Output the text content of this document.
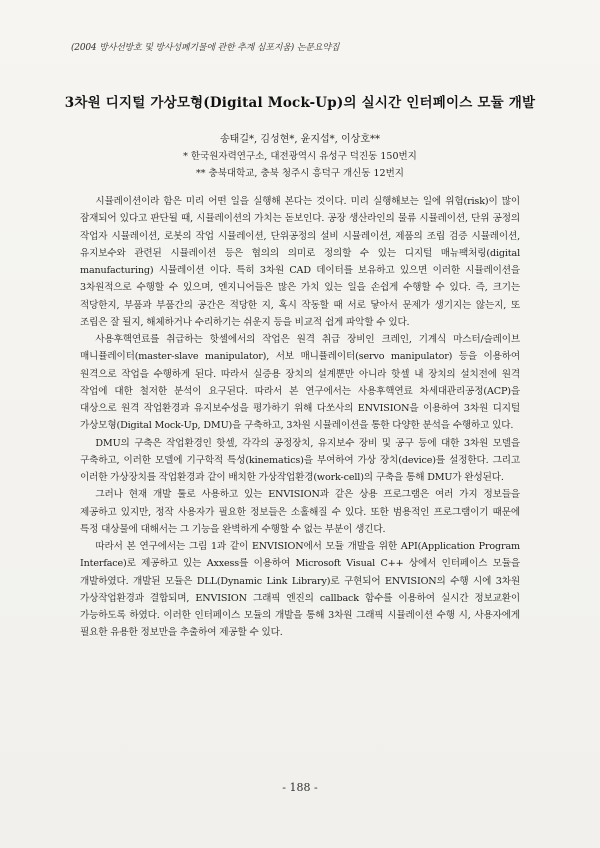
(2004 방사선방호 및 방사성폐기물에 관한 추계 심포지움) 논문요약집
3차원 디지털 가상모형(Digital Mock-Up)의 실시간 인터페이스 모듈 개발
송태길*, 김성현*, 윤지섭*, 이상호**
* 한국원자력연구소, 대전광역시 유성구 덕진동 150번지
** 충북대학교, 충북 청주시 흥덕구 개신동 12번지

시뮬레이션이라 함은 미리 어떤 일을 실행해 본다는 것이다. 미리 실행해보는 일에 위험(risk)이 많이 잠재되어 있다고 판단될 때, 시뮬레이션의 가치는 돋보인다. 공장 생산라인의 물류 시뮬레이션, 단위 공정의 작업자 시뮬레이션, 로봇의 작업 시뮬레이션, 단위공정의 설비 시뮬레이션, 제품의 조립 검증 시뮬레이션, 유지보수와 관련된 시뮬레이션 등은 협의의 의미로 정의할 수 있는 디지털 매뉴팩처링(digital manufacturing) 시뮬레이션 이다. 특히 3차원 CAD 데이터를 보유하고 있으면 이러한 시뮬레이션을 3차원적으로 수행할 수 있으며, 엔지니어들은 많은 가치 있는 일을 손쉽게 수행할 수 있다. 즉, 크기는 적당한지, 부품과 부품간의 공간은 적당한 지, 혹시 작동할 때 서로 닿아서 문제가 생기지는 않는지, 또 조립은 잘 될지, 해체하거나 수리하기는 쉬운지 등을 비교적 쉽게 파악할 수 있다.

사용후핵연료를 취급하는 핫셀에서의 작업은 원격 취급 장비인 크레인, 기계식 마스터/슬레이브 매니퓰레이터(master-slave manipulator), 서보 매니퓰레이터(servo manipulator) 등을 이용하여 원격으로 작업을 수행하게 된다. 따라서 실증용 장치의 설계뿐만 아니라 핫셀 내 장치의 설치전에 원격 작업에 대한 철저한 분석이 요구된다. 따라서 본 연구에서는 사용후핵연료 차세대관리공정(ACP)을 대상으로 원격 작업환경과 유지보수성을 평가하기 위해 다쏘사의 ENVISION을 이용하여 3차원 디지털 가상모형(Digital Mock-Up, DMU)을 구축하고, 3차원 시뮬레이션을 통한 다양한 분석을 수행하고 있다.

DMU의 구축은 작업환경인 핫셀, 각각의 공정장치, 유지보수 장비 및 공구 등에 대한 3차원 모델을 구축하고, 이러한 모델에 기구학적 특성(kinematics)을 부여하여 가상 장치(device)를 설정한다. 그리고 이러한 가상장치를 작업환경과 같이 배치한 가상작업환경(work-cell)의 구축을 통해 DMU가 완성된다.

그러나 현재 개발 툴로 사용하고 있는 ENVISION과 같은 상용 프로그램은 여러 가지 정보들을 제공하고 있지만, 정작 사용자가 필요한 정보들은 소홀해질 수 있다. 또한 범용적인 프로그램이기 때문에 특정 대상물에 대해서는 그 기능을 완벽하게 수행할 수 없는 부분이 생긴다.

따라서 본 연구에서는 그림 1과 같이 ENVISION에서 모듈 개발을 위한 API(Application Program Interface)로 제공하고 있는 Axxess를 이용하여 Microsoft Visual C++ 상에서 인터페이스 모듈을 개발하였다. 개발된 모듈은 DLL(Dynamic Link Library)로 구현되어 ENVISION의 수행 시에 3차원 가상작업환경과 결합되며, ENVISION 그래픽 엔진의 callback 함수를 이용하여 실시간 정보교환이 가능하도록 하였다. 이러한 인터페이스 모듈의 개발을 통해 3차원 그래픽 시뮬레이션 수행 시, 사용자에게 필요한 유용한 정보만을 추출하여 제공할 수 있다.

- 188 -
